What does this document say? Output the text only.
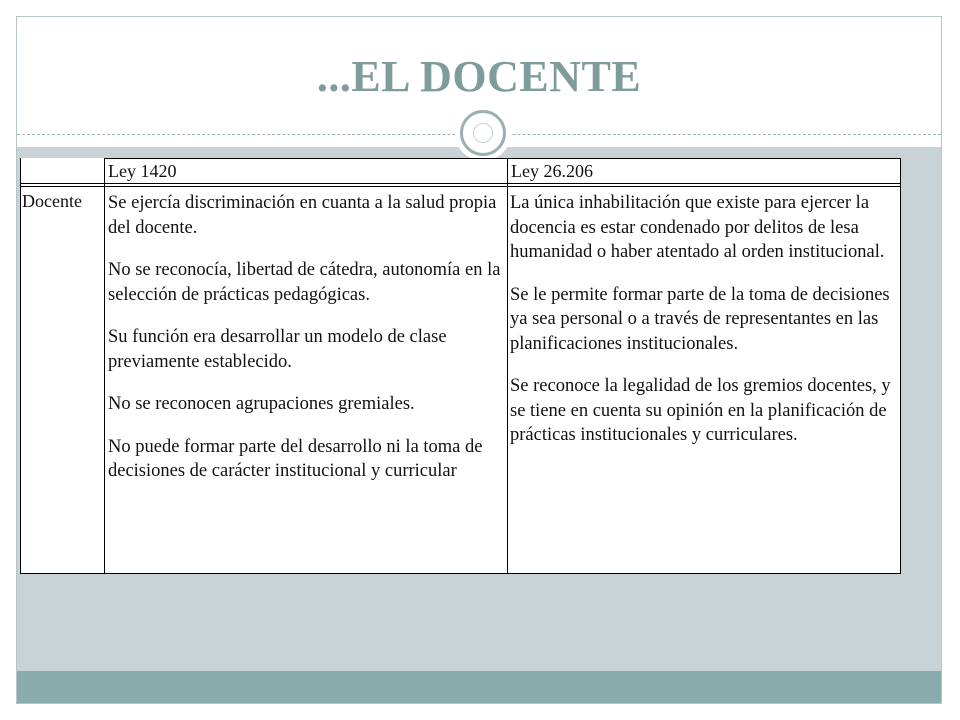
...EL DOCENTE
Ley 1420	Ley 26.206
Docente Se ejercía discriminación en cuanta a la salud propia del docente.

No se reconocía, libertad de cátedra, autonomía en la selección de prácticas pedagógicas.

Su función era desarrollar un modelo de clase previamente establecido.

No se reconocen agrupaciones gremiales.

No puede formar parte del desarrollo ni la toma de decisiones de carácter institucional y curricular

La única inhabilitación que existe para ejercer la docencia es estar condenado por delitos de lesa humanidad o haber atentado al orden institucional.

Se le permite formar parte de la toma de decisiones ya sea personal o a través de representantes en las planificaciones institucionales.

Se reconoce la legalidad de los gremios docentes, y se tiene en cuenta su opinión en la planificación de prácticas institucionales y curriculares.
